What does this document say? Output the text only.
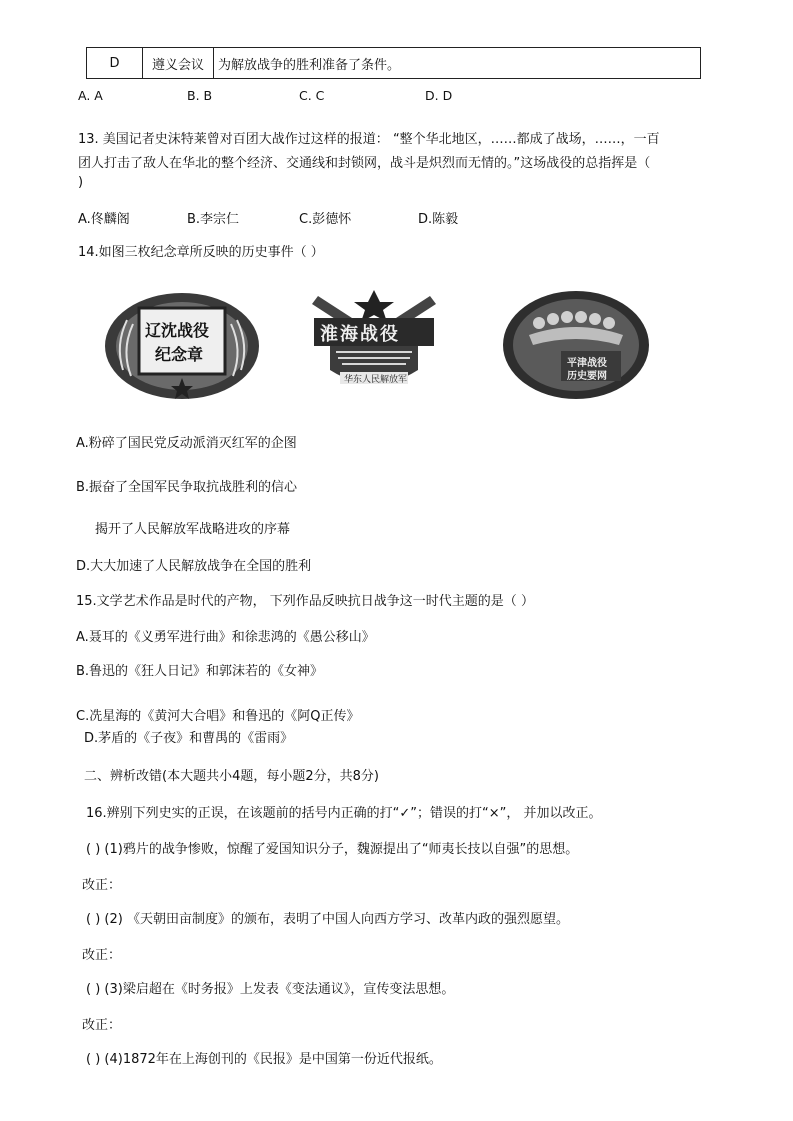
D	遵义会议	为解放战争的胜利准备了条件。
A. A	B. B	C. C	D. D
13. 美国记者史沫特莱曾对百团大战作过这样的报道： “整个华北地区，……都成了战场，……，一百
团人打击了敌人在华北的整个经济、交通线和封锁网，战斗是炽烈而无情的。”这场战役的总指挥是（
)
A.佟麟阁	B.李宗仁	C.彭德怀	D.陈毅
14.如图三枚纪念章所反映的历史事件（ ）
辽沈战役
纪念章
淮海战役
华东人民解放军
平津战役
历史要网
A.粉碎了国民党反动派消灭红军的企图
B.振奋了全国军民争取抗战胜利的信心
揭开了人民解放军战略进攻的序幕
D.大大加速了人民解放战争在全国的胜利
15.文学艺术作品是时代的产物， 下列作品反映抗日战争这一时代主题的是（ ）
A.聂耳的《义勇军进行曲》和徐悲鸿的《愚公移山》
B.鲁迅的《狂人日记》和郭沫若的《女神》
C.冼星海的《黄河大合唱》和鲁迅的《阿Q正传》
D.茅盾的《子夜》和曹禺的《雷雨》
二、辨析改错(本大题共小4题，每小题2分，共8分)
16.辨别下列史实的正误，在该题前的括号内正确的打“✓”；错误的打“×”， 并加以改正。
( ) (1)鸦片的战争惨败，惊醒了爱国知识分子，魏源提出了“师夷长技以自强”的思想。
改正：
( ) (2) 《天朝田亩制度》的颁布，表明了中国人向西方学习、改革内政的强烈愿望。
改正：
( ) (3)梁启超在《时务报》上发表《变法通议》，宣传变法思想。
改正：
( ) (4)1872年在上海创刊的《民报》是中国第一份近代报纸。
